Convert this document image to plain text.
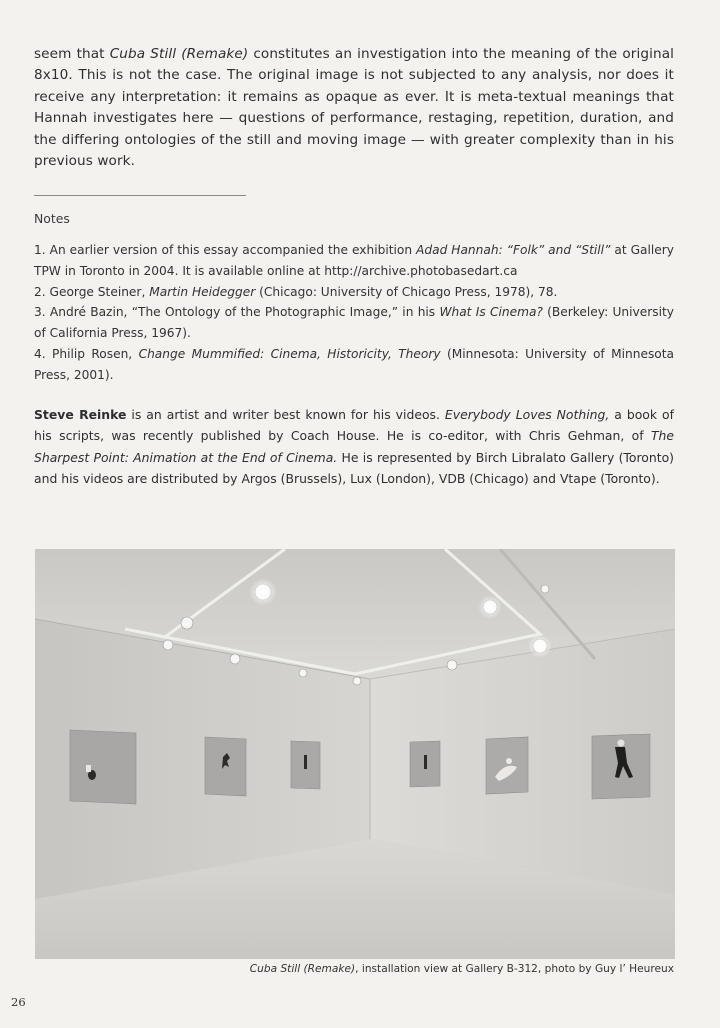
seem that Cuba Still (Remake) constitutes an investigation into the meaning of the original 8x10. This is not the case. The original image is not subjected to any analysis, nor does it receive any interpretation: it remains as opaque as ever. It is meta-textual meanings that Hannah investigates here — questions of performance, restaging, repetition, duration, and the differing ontologies of the still and moving image — with greater complexity than in his previous work.

Notes

1. An earlier version of this essay accompanied the exhibition Adad Hannah: “Folk” and “Still” at Gallery TPW in Toronto in 2004. It is available online at http://archive.photobasedart.ca
2. George Steiner, Martin Heidegger (Chicago: University of Chicago Press, 1978), 78.
3. André Bazin, “The Ontology of the Photographic Image,” in his What Is Cinema? (Berkeley: University of California Press, 1967).
4. Philip Rosen, Change Mummified: Cinema, Historicity, Theory (Minnesota: University of Minnesota Press, 2001).

Steve Reinke is an artist and writer best known for his videos. Everybody Loves Nothing, a book of his scripts, was recently published by Coach House. He is co-editor, with Chris Gehman, of The Sharpest Point: Animation at the End of Cinema. He is represented by Birch Libralato Gallery (Toronto) and his videos are distributed by Argos (Brussels), Lux (London), VDB (Chicago) and Vtape (Toronto).

Cuba Still (Remake), installation view at Gallery B-312, photo by Guy l’ Heureux

26
